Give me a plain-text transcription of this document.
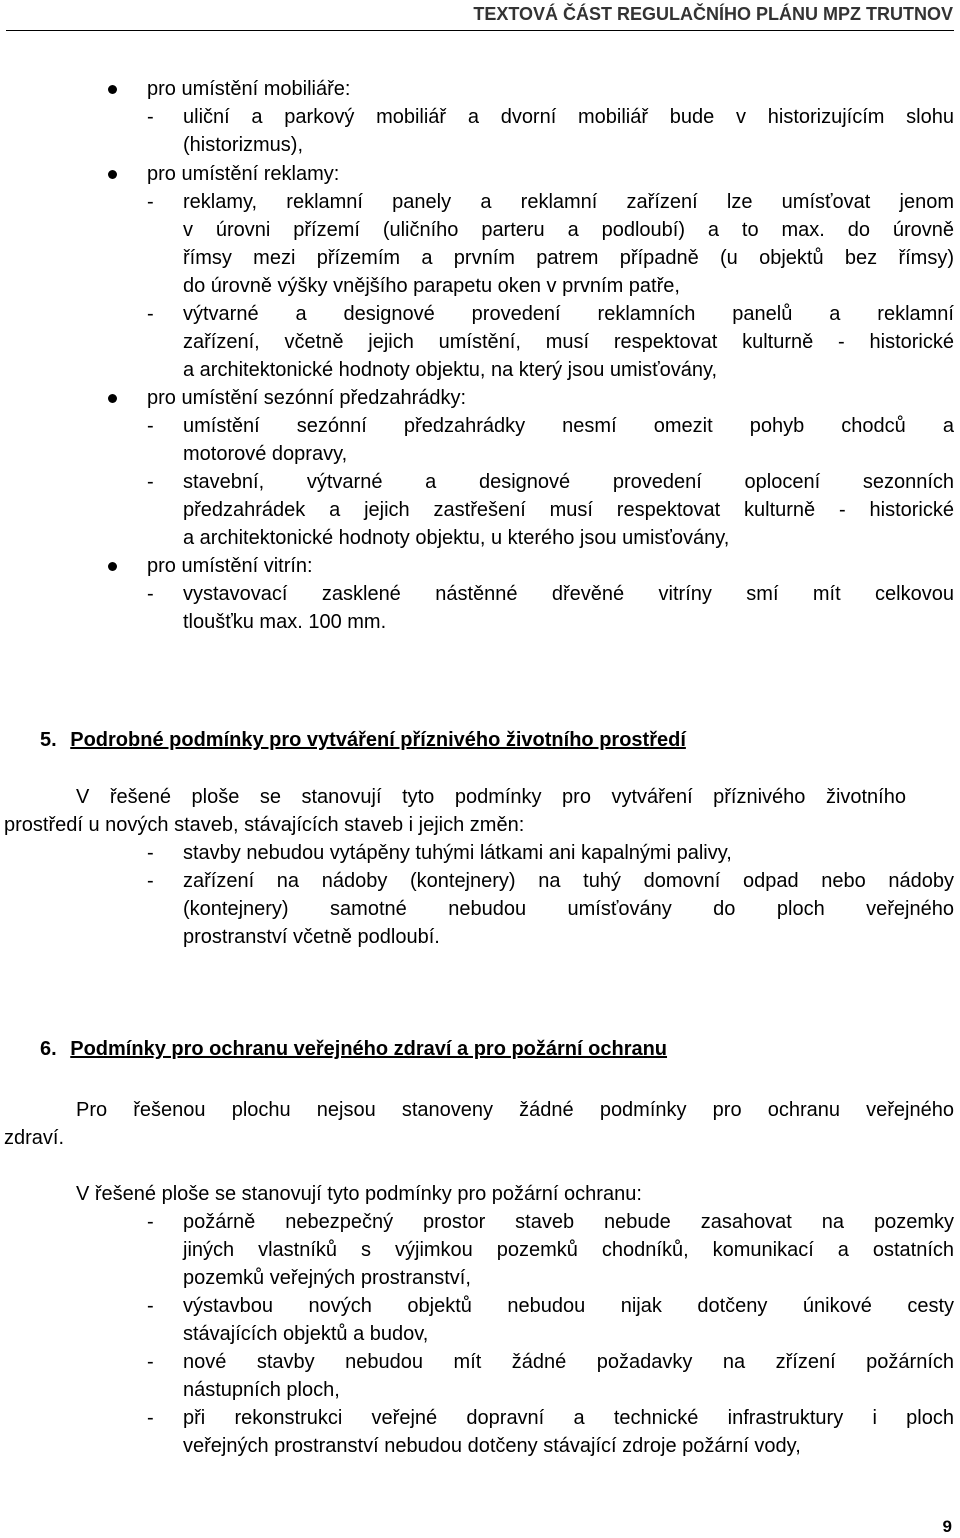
TEXTOVÁ ČÁST REGULAČNÍHO PLÁNU MPZ TRUTNOV
pro umístění mobiliáře:
- uliční a parkový mobiliář a dvorní mobiliář bude v historizujícím slohu
(historizmus),
pro umístění reklamy:
- reklamy, reklamní panely a reklamní zařízení lze umísťovat jenom
v úrovni přízemí (uličního parteru a podloubí) a to max. do úrovně
římsy mezi přízemím a prvním patrem případně (u objektů bez římsy)
do úrovně výšky vnějšího parapetu oken v prvním patře,
- výtvarné a designové provedení reklamních panelů a reklamní
zařízení, včetně jejich umístění, musí respektovat kulturně - historické
a architektonické hodnoty objektu, na který jsou umisťovány,
pro umístění sezónní předzahrádky:
- umístění sezónní předzahrádky nesmí omezit pohyb chodců a
motorové dopravy,
- stavební, výtvarné a designové provedení oplocení sezonních
předzahrádek a jejich zastřešení musí respektovat kulturně - historické
a architektonické hodnoty objektu, u kterého jsou umisťovány,
pro umístění vitrín:
- vystavovací zasklené nástěnné dřevěné vitríny smí mít celkovou
tloušťku max. 100 mm.
5. Podrobné podmínky pro vytváření příznivého životního prostředí
V řešené ploše se stanovují tyto podmínky pro vytváření příznivého životního
prostředí u nových staveb, stávajících staveb i jejich změn:
- stavby nebudou vytápěny tuhými látkami ani kapalnými palivy,
- zařízení na nádoby (kontejnery) na tuhý domovní odpad nebo nádoby
(kontejnery) samotné nebudou umísťovány do ploch veřejného
prostranství včetně podloubí.
6. Podmínky pro ochranu veřejného zdraví a pro požární ochranu
Pro řešenou plochu nejsou stanoveny žádné podmínky pro ochranu veřejného
zdraví.
V řešené ploše se stanovují tyto podmínky pro požární ochranu:
- požárně nebezpečný prostor staveb nebude zasahovat na pozemky
jiných vlastníků s výjimkou pozemků chodníků, komunikací a ostatních
pozemků veřejných prostranství,
- výstavbou nových objektů nebudou nijak dotčeny únikové cesty
stávajících objektů a budov,
- nové stavby nebudou mít žádné požadavky na zřízení požárních
nástupních ploch,
- při rekonstrukci veřejné dopravní a technické infrastruktury i ploch
veřejných prostranství nebudou dotčeny stávající zdroje požární vody,
9
